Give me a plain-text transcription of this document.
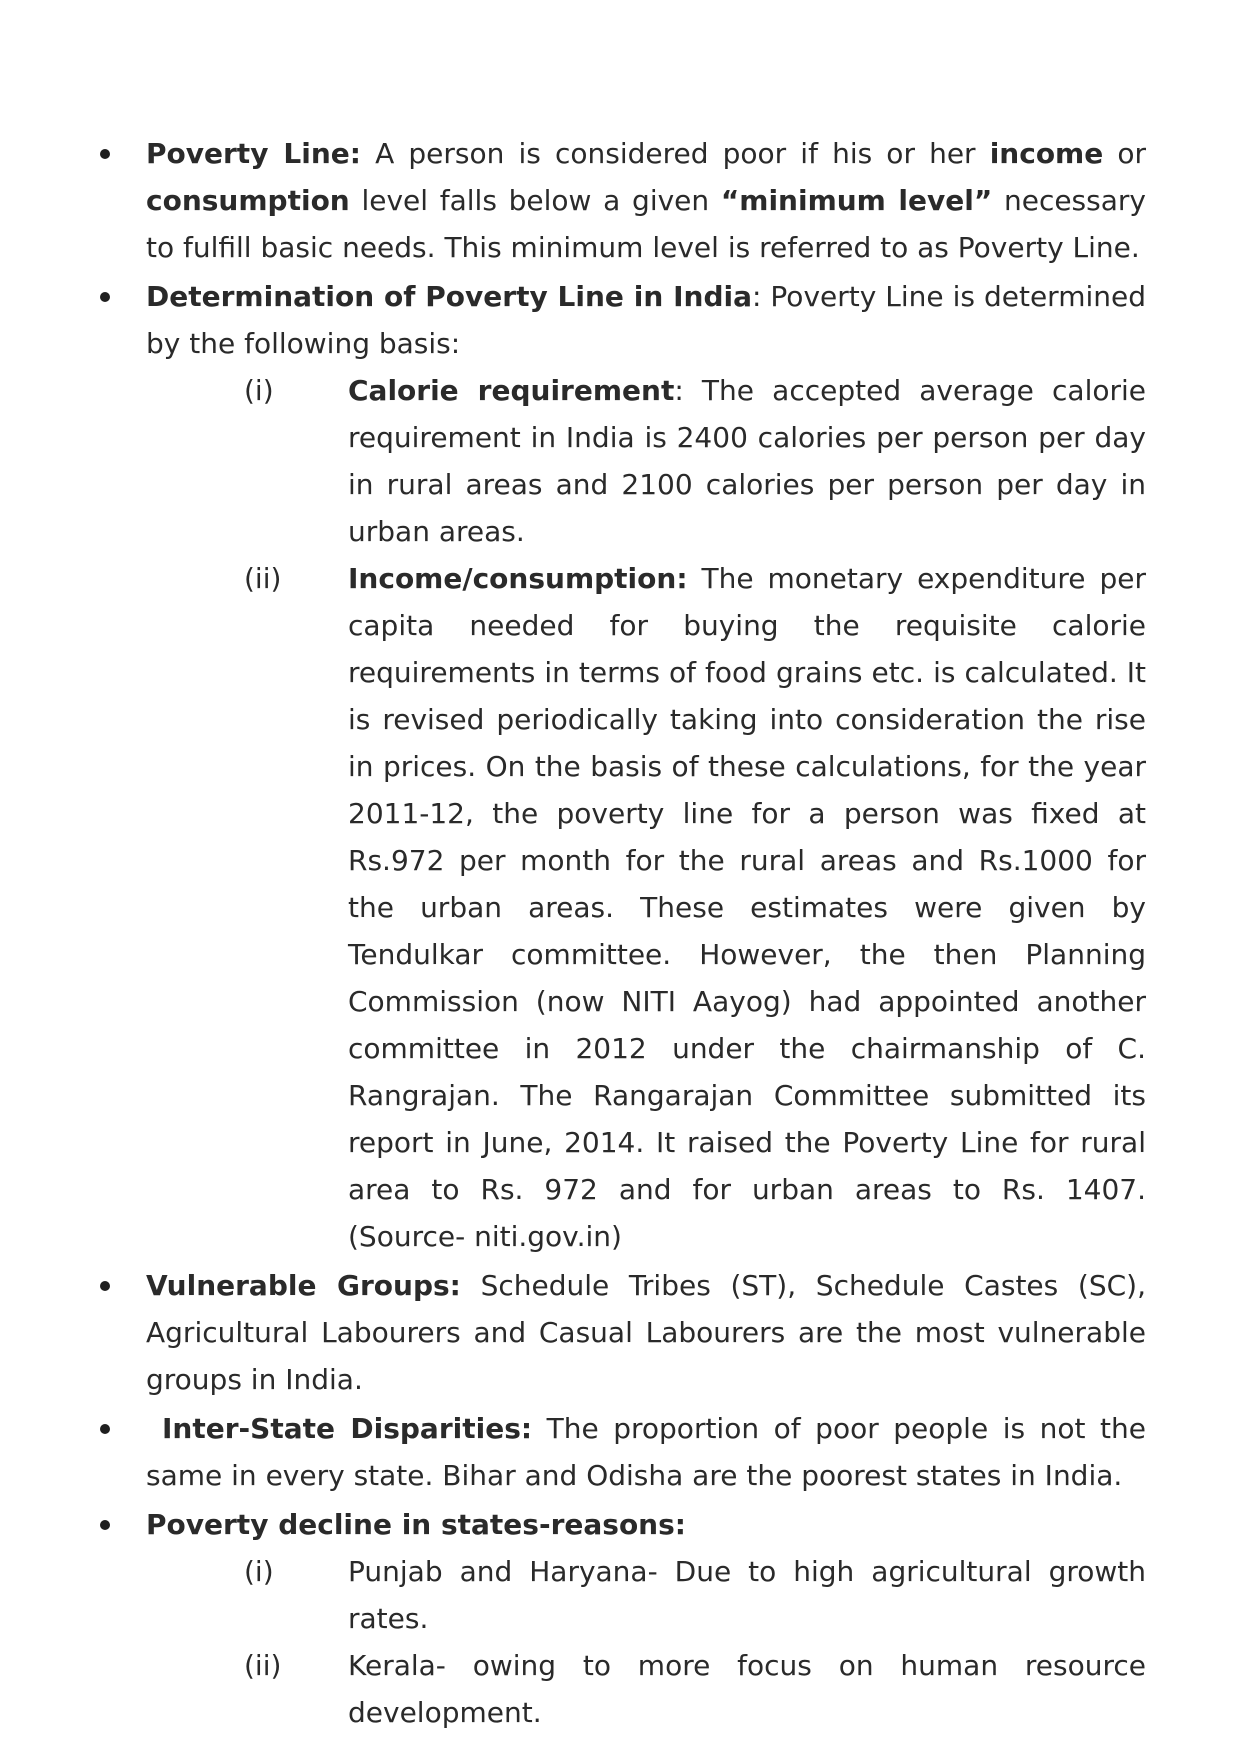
Poverty Line: A person is considered poor if his or her income or consumption level falls below a given “minimum level” necessary to fulfill basic needs. This minimum level is referred to as Poverty Line.
Determination of Poverty Line in India: Poverty Line is determined by the following basis:
(i)	Calorie requirement: The accepted average calorie requirement in India is 2400 calories per person per day in rural areas and 2100 calories per person per day in urban areas.
(ii) Income/consumption: The monetary expenditure per capita needed for buying the requisite calorie requirements in terms of food grains etc. is calculated. It is revised periodically taking into consideration the rise in prices. On the basis of these calculations, for the year 2011-12, the poverty line for a person was fixed at Rs.972 per month for the rural areas and Rs.1000 for the urban areas. These estimates were given by Tendulkar committee. However, the then Planning Commission (now NITI Aayog) had appointed another committee in 2012 under the chairmanship of C. Rangrajan. The Rangarajan Committee submitted its report in June, 2014. It raised the Poverty Line for rural area to Rs. 972 and for urban areas to Rs. 1407. (Source- niti.gov.in)
Vulnerable Groups: Schedule Tribes (ST), Schedule Castes (SC), Agricultural Labourers and Casual Labourers are the most vulnerable groups in India.
Inter-State Disparities: The proportion of poor people is not the same in every state. Bihar and Odisha are the poorest states in India.
Poverty decline in states-reasons:
(i)	Punjab and Haryana- Due to high agricultural growth rates.
(ii) Kerala- owing to more focus on human resource development.
